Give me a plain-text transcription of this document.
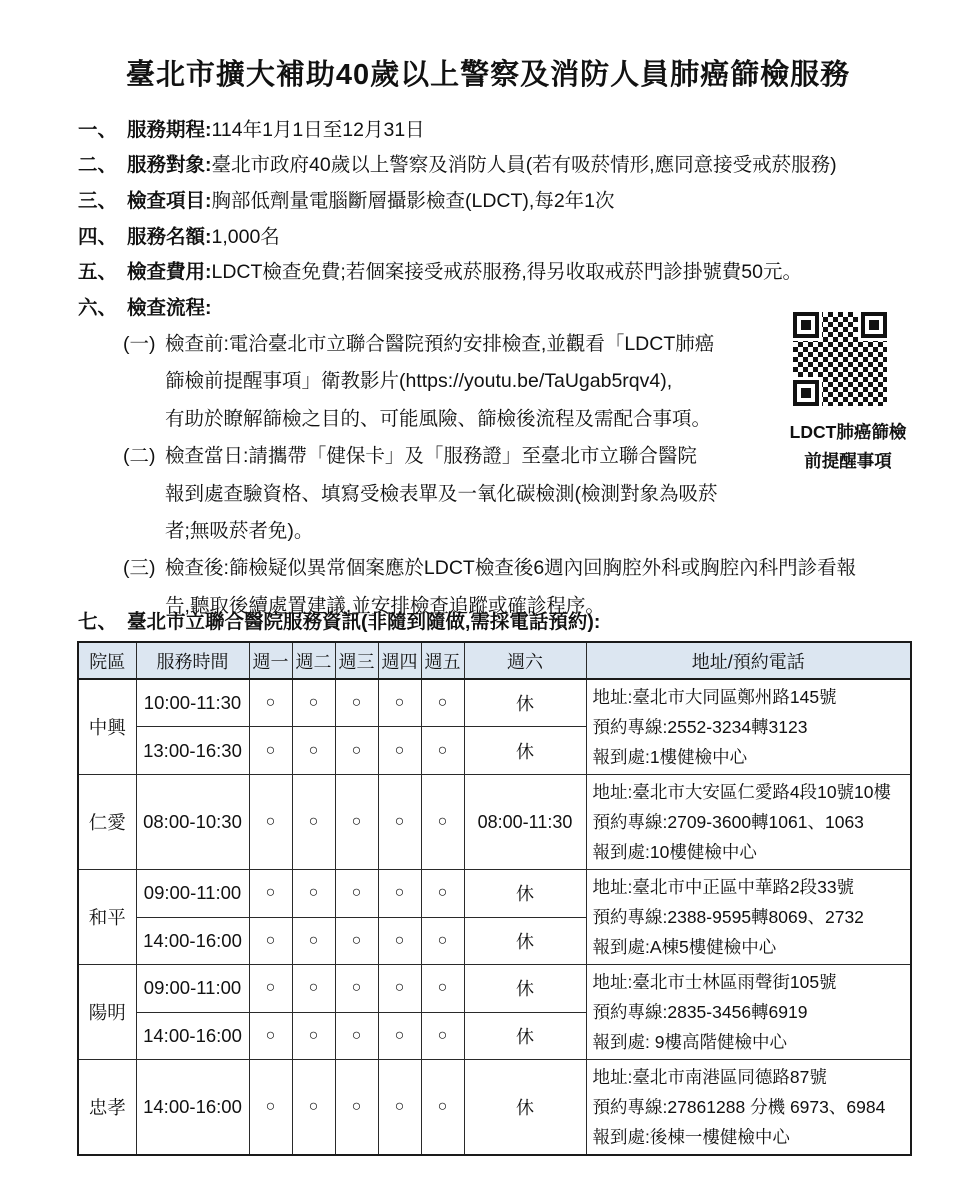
臺北市擴大補助40歲以上警察及消防人員肺癌篩檢服務
一、 服務期程: 114年1月1日至12月31日
二、 服務對象: 臺北市政府40歲以上警察及消防人員(若有吸菸情形,應同意接受戒菸服務)
三、 檢查項目: 胸部低劑量電腦斷層攝影檢查(LDCT),每2年1次
四、 服務名額: 1,000名
五、 檢查費用: LDCT檢查免費;若個案接受戒菸服務,得另收取戒菸門診掛號費50元。
六、 檢查流程:
(一) 檢查前:電洽臺北市立聯合醫院預約安排檢查,並觀看「LDCT肺癌
篩檢前提醒事項」衛教影片(https://youtu.be/TaUgab5rqv4),
有助於瞭解篩檢之目的、可能風險、篩檢後流程及需配合事項。
(二) 檢查當日:請攜帶「健保卡」及「服務證」至臺北市立聯合醫院
報到處查驗資格、填寫受檢表單及一氧化碳檢測(檢測對象為吸菸
者;無吸菸者免)。
(三) 檢查後:篩檢疑似異常個案應於LDCT檢查後6週內回胸腔外科或胸腔內科門診看報
告,聽取後續處置建議,並安排檢查追蹤或確診程序。
LDCT肺癌篩檢
前提醒事項
七、 臺北市立聯合醫院服務資訊(非隨到隨做,需採電話預約):
院區	服務時間	週一	週二	週三	週四	週五	週六	地址/預約電話
中興	10:00-11:30	○	○	○	○	○	休	地址:臺北市大同區鄭州路145號
預約專線:2552-3234轉3123
報到處:1樓健檢中心

	13:00-16:30	○	○	○	○	○	休	
仁愛	08:00-10:30	○	○	○	○	○	08:00-11:30	地址:臺北市大安區仁愛路4段10號10樓
預約專線:2709-3600轉1061、1063
報到處:10樓健檢中心

和平	09:00-11:00	○	○	○	○	○	休	地址:臺北市中正區中華路2段33號
預約專線:2388-9595轉8069、2732
報到處:A棟5樓健檢中心

	14:00-16:00	○	○	○	○	○	休	
陽明	09:00-11:00	○	○	○	○	○	休	地址:臺北市士林區雨聲街105號
預約專線:2835-3456轉6919
報到處: 9樓高階健檢中心

	14:00-16:00	○	○	○	○	○	休	
忠孝	14:00-16:00	○	○	○	○	○	休	地址:臺北市南港區同德路87號
預約專線:27861288 分機 6973、6984
報到處:後棟一樓健檢中心
